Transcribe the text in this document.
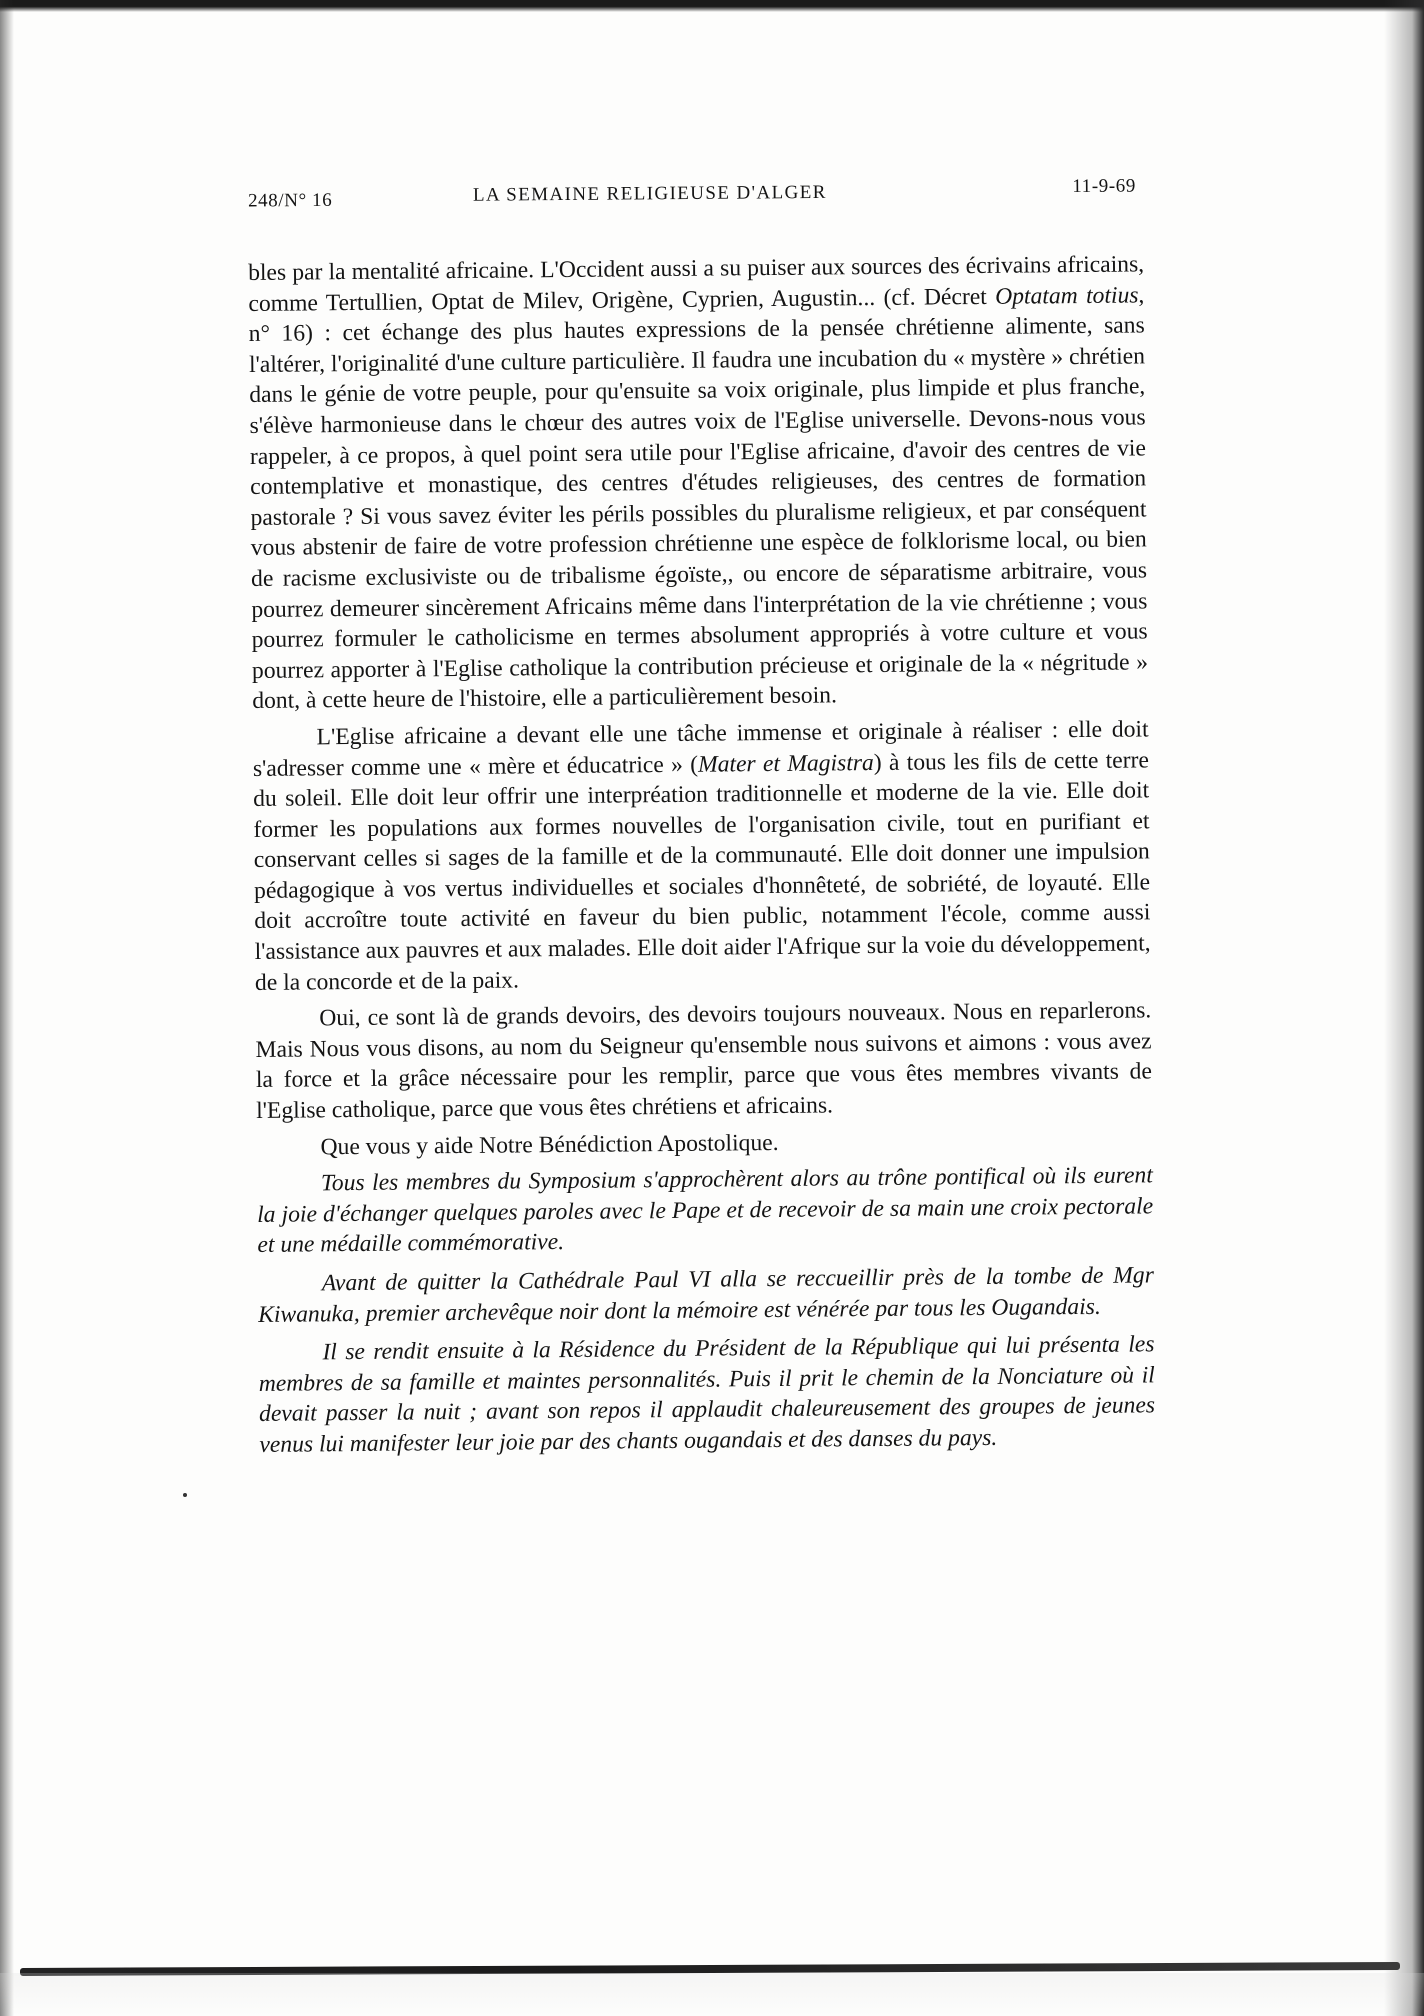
248/N° 16	LA SEMAINE RELIGIEUSE D'ALGER	11-9-69

bles par la mentalité africaine. L'Occident aussi a su puiser aux sources des écrivains africains, comme Tertullien, Optat de Milev, Origène, Cyprien, Augustin... (cf. Décret Optatam totius, n° 16) : cet échange des plus hautes expressions de la pensée chrétienne alimente, sans l'altérer, l'originalité d'une culture particulière. Il faudra une incubation du « mystère » chrétien dans le génie de votre peuple, pour qu'ensuite sa voix originale, plus limpide et plus franche, s'élève harmonieuse dans le chœur des autres voix de l'Eglise universelle. Devons-nous vous rappeler, à ce propos, à quel point sera utile pour l'Eglise africaine, d'avoir des centres de vie contemplative et monastique, des centres d'études religieuses, des centres de formation pastorale ? Si vous savez éviter les périls possibles du pluralisme religieux, et par conséquent vous abstenir de faire de votre profession chrétienne une espèce de folklorisme local, ou bien de racisme exclusiviste ou de tribalisme égoïste,, ou encore de séparatisme arbitraire, vous pourrez demeurer sincèrement Africains même dans l'interprétation de la vie chrétienne ; vous pourrez formuler le catholicisme en termes absolument appropriés à votre culture et vous pourrez apporter à l'Eglise catholique la contribution précieuse et originale de la « négritude » dont, à cette heure de l'histoire, elle a particulièrement besoin.

L'Eglise africaine a devant elle une tâche immense et originale à réaliser : elle doit s'adresser comme une « mère et éducatrice » (Mater et Magistra) à tous les fils de cette terre du soleil. Elle doit leur offrir une interpréation traditionnelle et moderne de la vie. Elle doit former les populations aux formes nouvelles de l'organisation civile, tout en purifiant et conservant celles si sages de la famille et de la communauté. Elle doit donner une impulsion pédagogique à vos vertus individuelles et sociales d'honnêteté, de sobriété, de loyauté. Elle doit accroître toute activité en faveur du bien public, notamment l'école, comme aussi l'assistance aux pauvres et aux malades. Elle doit aider l'Afrique sur la voie du développement, de la concorde et de la paix.

Oui, ce sont là de grands devoirs, des devoirs toujours nouveaux. Nous en reparlerons. Mais Nous vous disons, au nom du Seigneur qu'ensemble nous suivons et aimons : vous avez la force et la grâce nécessaire pour les remplir, parce que vous êtes membres vivants de l'Eglise catholique, parce que vous êtes chrétiens et africains.

Que vous y aide Notre Bénédiction Apostolique.

Tous les membres du Symposium s'approchèrent alors au trône pontifical où ils eurent la joie d'échanger quelques paroles avec le Pape et de recevoir de sa main une croix pectorale et une médaille commémorative.

Avant de quitter la Cathédrale Paul VI alla se reccueillir près de la tombe de Mgr Kiwanuka, premier archevêque noir dont la mémoire est vénérée par tous les Ougandais.

Il se rendit ensuite à la Résidence du Président de la République qui lui présenta les membres de sa famille et maintes personnalités. Puis il prit le chemin de la Nonciature où il devait passer la nuit ; avant son repos il applaudit chaleureusement des groupes de jeunes venus lui manifester leur joie par des chants ougandais et des danses du pays.
